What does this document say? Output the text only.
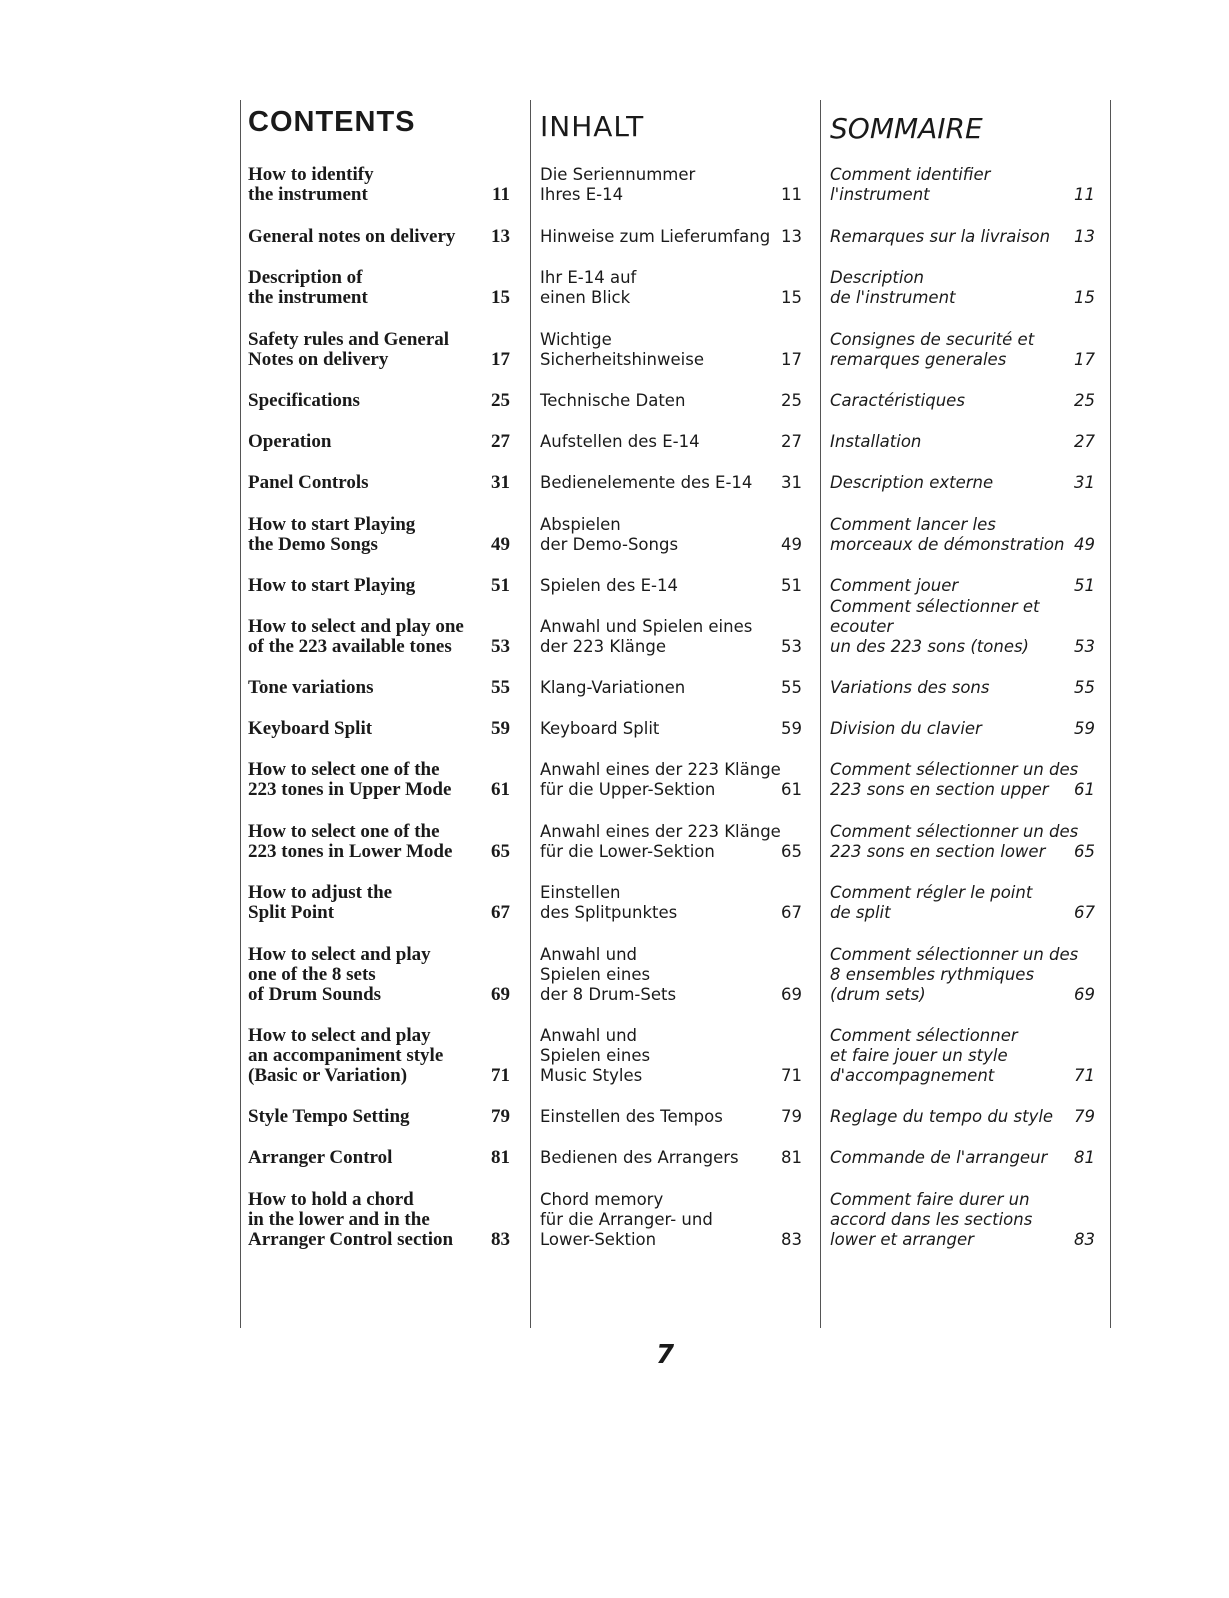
CONTENTS
How to identify
the instrument	11
General notes on delivery 13
Description of
the instrument	15
Safety rules and General
Notes on delivery	17
Specifications	25
Operation	27
Panel Controls	31
How to start Playing
the Demo Songs	49
How to start Playing	51
How to select and play one
of the 223 available tones	53
Tone variations	55
Keyboard Split	59
How to select one of the
223 tones in Upper Mode 61
How to select one of the
223 tones in Lower Mode 65
How to adjust the
Split Point	67
How to select and play
one of the 8 sets
of Drum Sounds	69
How to select and play
an accompaniment style
(Basic or Variation)	71
Style Tempo Setting	79
Arranger Control	81
How to hold a chord
in the lower and in the
Arranger Control section 83
INHALT
Die Seriennummer
Ihres E-14	11
Hinweise zum Lieferumfang 13
Ihr E-14 auf
einen Blick	15
Wichtige
Sicherheitshinweise	17
Technische Daten	25
Aufstellen des E-14	27
Bedienelemente des E-14 31
Abspielen
der Demo-Songs	49
Spielen des E-14	51
Anwahl und Spielen eines
der 223 Klänge	53
Klang-Variationen	55
Keyboard Split	59
Anwahl eines der 223 Klänge
für die Upper-Sektion	61
Anwahl eines der 223 Klänge
für die Lower-Sektion	65
Einstellen
des Splitpunktes	67
Anwahl und
Spielen eines
der 8 Drum-Sets	69
Anwahl und
Spielen eines
Music Styles	71
Einstellen des Tempos	79
Bedienen des Arrangers	81
Chord memory
für die Arranger- und
Lower-Sektion	83
SOMMAIRE
Comment identifier
l'instrument	11
Remarques sur la livraison 13
Description
de l'instrument	15
Consignes de securité et
remarques generales	17
Caractéristiques	25
Installation	27
Description externe	31
Comment lancer les
morceaux de démonstration 49
Comment jouer	51
Comment sélectionner et ecouter
un des 223 sons (tones)	53
Variations des sons	55
Division du clavier	59
Comment sélectionner un des
223 sons en section upper	61
Comment sélectionner un des
223 sons en section lower	65
Comment régler le point
de split	67
Comment sélectionner un des
8 ensembles rythmiques
(drum sets)	69
Comment sélectionner
et faire jouer un style
d'accompagnement	71
Reglage du tempo du style 79
Commande de l'arrangeur 81
Comment faire durer un
accord dans les sections
lower et arranger	83
7
